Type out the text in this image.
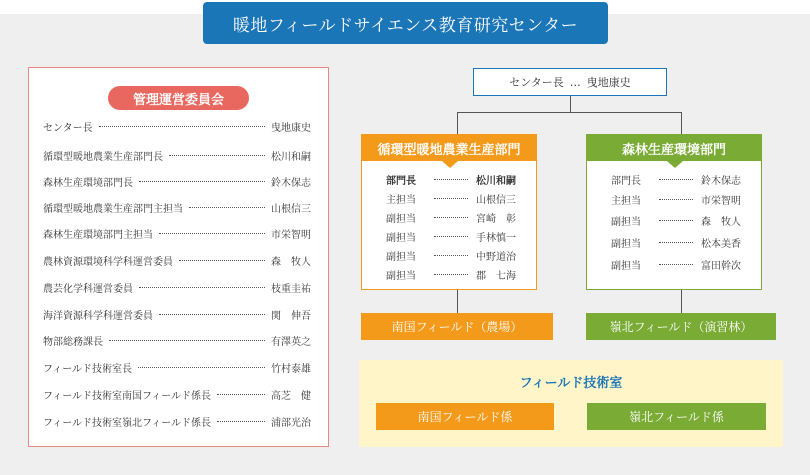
暖地フィールドサイエンス教育研究センター
管理運営委員会
センター長	曳地康史
循環型暖地農業生産部門長	松川和嗣
森林生産環境部門長	鈴木保志
循環型暖地農業生産部門主担当	山根信三
森林生産環境部門主担当	市栄智明
農林資源環境科学科運営委員	森　牧人
農芸化学科運営委員	枝重圭祐
海洋資源科学科運営委員	関　伸吾
物部総務課長	有澤英之
フィールド技術室長	竹村泰雄
フィールド技術室南国フィールド係長	高芝　健
フィールド技術室嶺北フィールド係長	浦部光治
センター長 … 曳地康史
循環型暖地農業生産部門
部門長	松川和嗣
主担当	山根信三
副担当	宮崎　彰
副担当	手林慎一
副担当	中野道治
副担当	郡　七海
森林生産環境部門
部門長	鈴木保志
主担当	市栄智明
副担当	森　牧人
副担当	松本美香
副担当	富田幹次
南国フィールド（農場）	嶺北フィールド（演習林）
フィールド技術室
南国フィールド係	嶺北フィールド係
